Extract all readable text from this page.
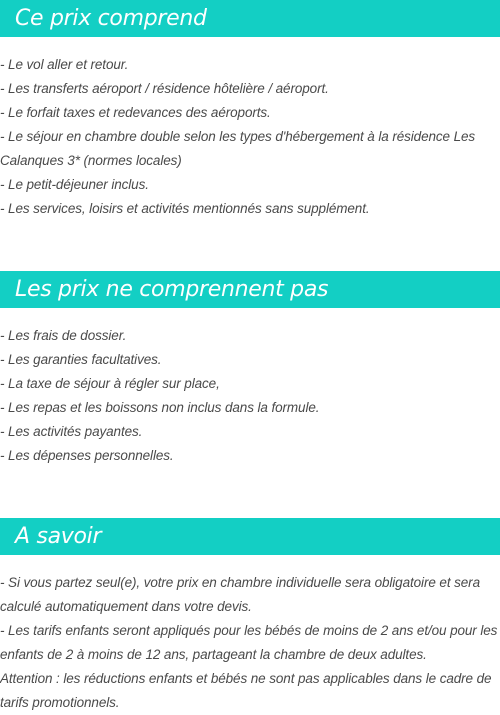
Ce prix comprend
- Le vol aller et retour.
- Les transferts aéroport / résidence hôtelière / aéroport.
- Le forfait taxes et redevances des aéroports.
- Le séjour en chambre double selon les types d'hébergement à la résidence Les Calanques 3* (normes locales)
- Le petit-déjeuner inclus.
- Les services, loisirs et activités mentionnés sans supplément.
Les prix ne comprennent pas
- Les frais de dossier.
- Les garanties facultatives.
- La taxe de séjour à régler sur place,
- Les repas et les boissons non inclus dans la formule.
- Les activités payantes.
- Les dépenses personnelles.
A savoir
- Si vous partez seul(e), votre prix en chambre individuelle sera obligatoire et sera calculé automatiquement dans votre devis.
- Les tarifs enfants seront appliqués pour les bébés de moins de 2 ans et/ou pour les enfants de 2 à moins de 12 ans, partageant la chambre de deux adultes.
Attention : les réductions enfants et bébés ne sont pas applicables dans le cadre de tarifs promotionnels.
